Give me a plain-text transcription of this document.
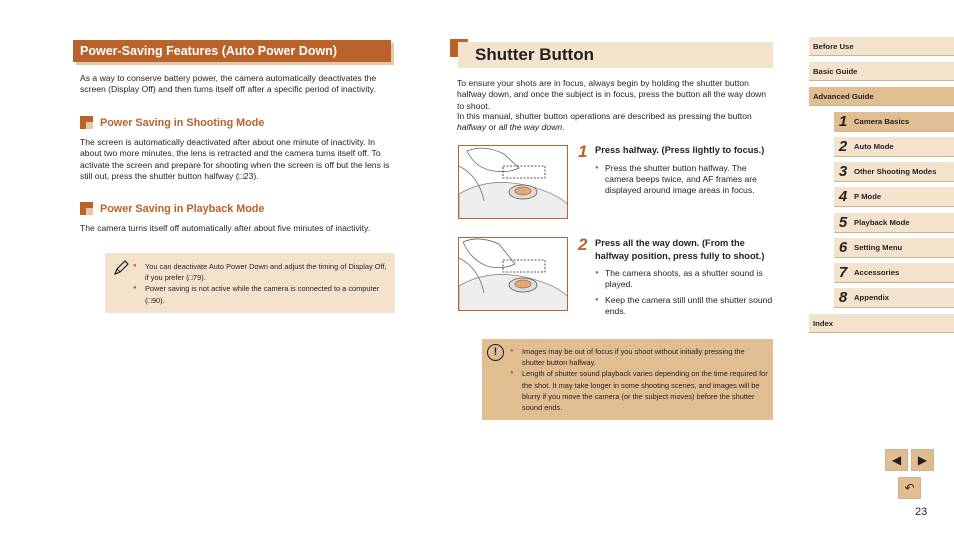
Power-Saving Features (Auto Power Down)

As a way to conserve battery power, the camera automatically deactivates the screen (Display Off) and then turns itself off after a specific period of inactivity.

Power Saving in Shooting Mode

The screen is automatically deactivated after about one minute of inactivity. In about two more minutes, the lens is retracted and the camera turns itself off. To activate the screen and prepare for shooting when the screen is off but the lens is still out, press the shutter button halfway (□23).

Power Saving in Playback Mode

The camera turns itself off automatically after about five minutes of inactivity.

● You can deactivate Auto Power Down and adjust the timing of Display Off, if you prefer (□79).
● Power saving is not active while the camera is connected to a computer (□90).
Shutter Button

To ensure your shots are in focus, always begin by holding the shutter button halfway down, and once the subject is in focus, press the button all the way down to shoot.

In this manual, shutter button operations are described as pressing the button halfway or all the way down.

1 Press halfway. (Press lightly to focus.)
● Press the shutter button halfway. The camera beeps twice, and AF frames are displayed around image areas in focus.
2 Press all the way down. (From the halfway position, press fully to shoot.)
● The camera shoots, as a shutter sound is played.
● Keep the camera still until the shutter sound ends.
!
●	Images may be out of focus if you shoot without initially pressing the shutter button halfway.
● Length of shutter sound playback varies depending on the time required for the shot. It may take longer in some shooting scenes, and images will be blurry if you move the camera (or the subject moves) before the shutter sound ends.
Before Use
Basic Guide
Advanced Guide
1 Camera Basics
2 Auto Mode
3 Other Shooting Modes
4 P Mode
5 Playback Mode
6 Setting Menu
7 Accessories
8 Appendix
Index
◀ ▶
↶
23
